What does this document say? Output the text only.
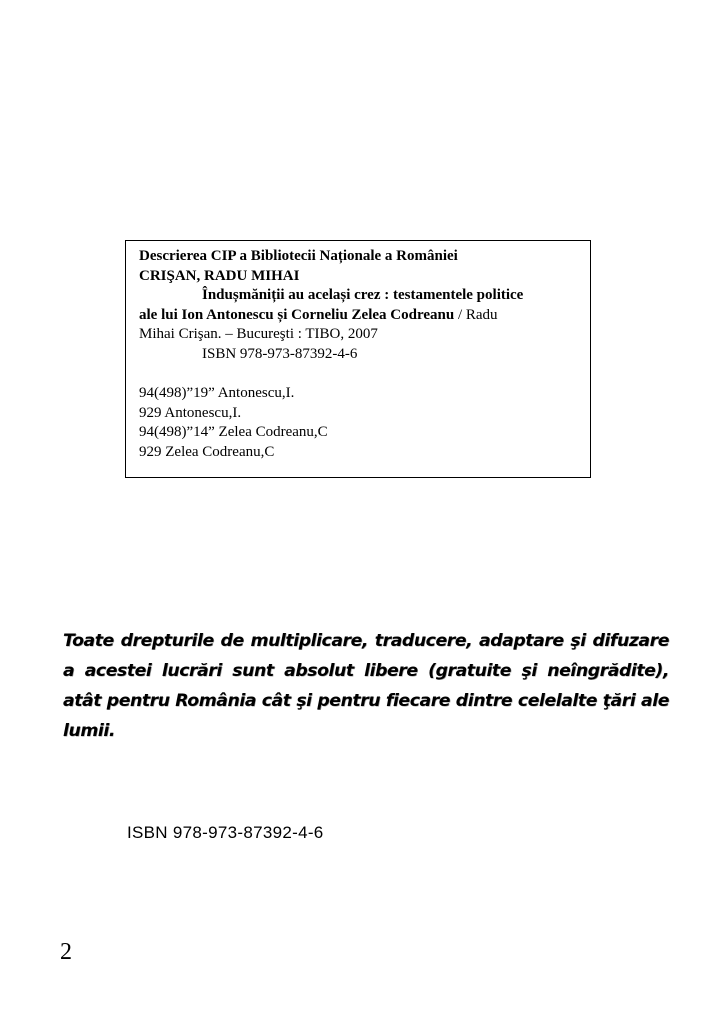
Descrierea CIP a Bibliotecii Naționale a României
CRIŞAN, RADU MIHAI
Îndușmăniții au același crez : testamentele politice
ale lui Ion Antonescu și Corneliu Zelea Codreanu / Radu
Mihai Crişan. – Bucureşti : TIBO, 2007
ISBN 978-973-87392-4-6
94(498)”19” Antonescu,I.
929 Antonescu,I.
94(498)”14” Zelea Codreanu,C
929 Zelea Codreanu,C
Toate drepturile de multiplicare, traducere, adaptare şi difuzare a acestei lucrări sunt absolut libere (gratuite şi neîngrădite), atât pentru România cât şi pentru fiecare dintre celelalte ţări ale lumii.
ISBN 978-973-87392-4-6
2
